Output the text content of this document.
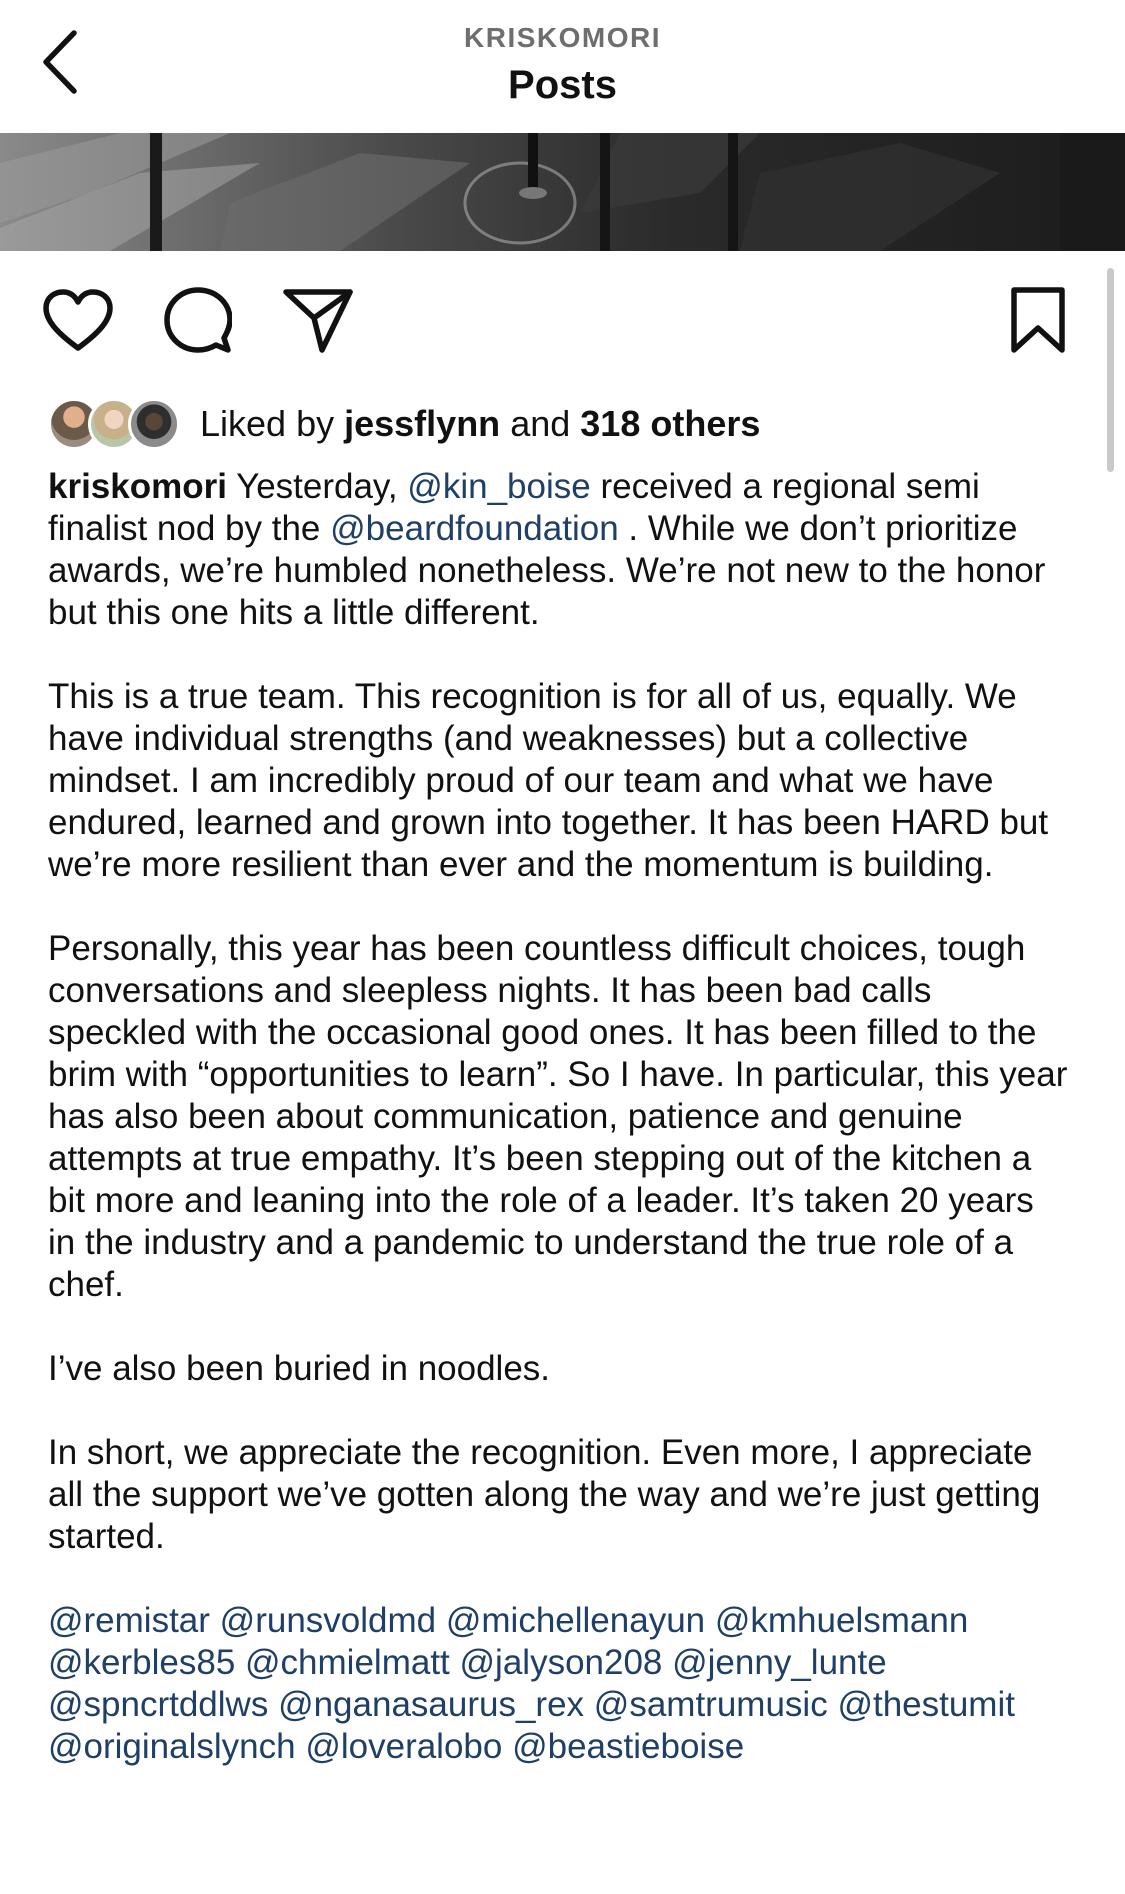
KRISKOMORI
Posts
Liked by jessflynn and 318 others

kriskomori Yesterday, @kin_boise received a regional semi finalist nod by the @beardfoundation . While we don’t prioritize awards, we’re humbled nonetheless. We’re not new to the honor but this one hits a little different.

This is a true team. This recognition is for all of us, equally. We have individual strengths (and weaknesses) but a collective mindset. I am incredibly proud of our team and what we have endured, learned and grown into together. It has been HARD but we’re more resilient than ever and the momentum is building.

Personally, this year has been countless difficult choices, tough conversations and sleepless nights. It has been bad calls speckled with the occasional good ones. It has been filled to the brim with “opportunities to learn”. So I have. In particular, this year has also been about communication, patience and genuine attempts at true empathy. It’s been stepping out of the kitchen a bit more and leaning into the role of a leader. It’s taken 20 years in the industry and a pandemic to understand the true role of a chef.

I’ve also been buried in noodles.

In short, we appreciate the recognition. Even more, I appreciate all the support we’ve gotten along the way and we’re just getting started.

@remistar @runsvoldmd @michellenayun @kmhuelsmann @kerbles85 @chmielmatt @jalyson208 @jenny_lunte @spncrtddlws @nganasaurus_rex @samtrumusic @thestumit @originalslynch @loveralobo @beastieboise
